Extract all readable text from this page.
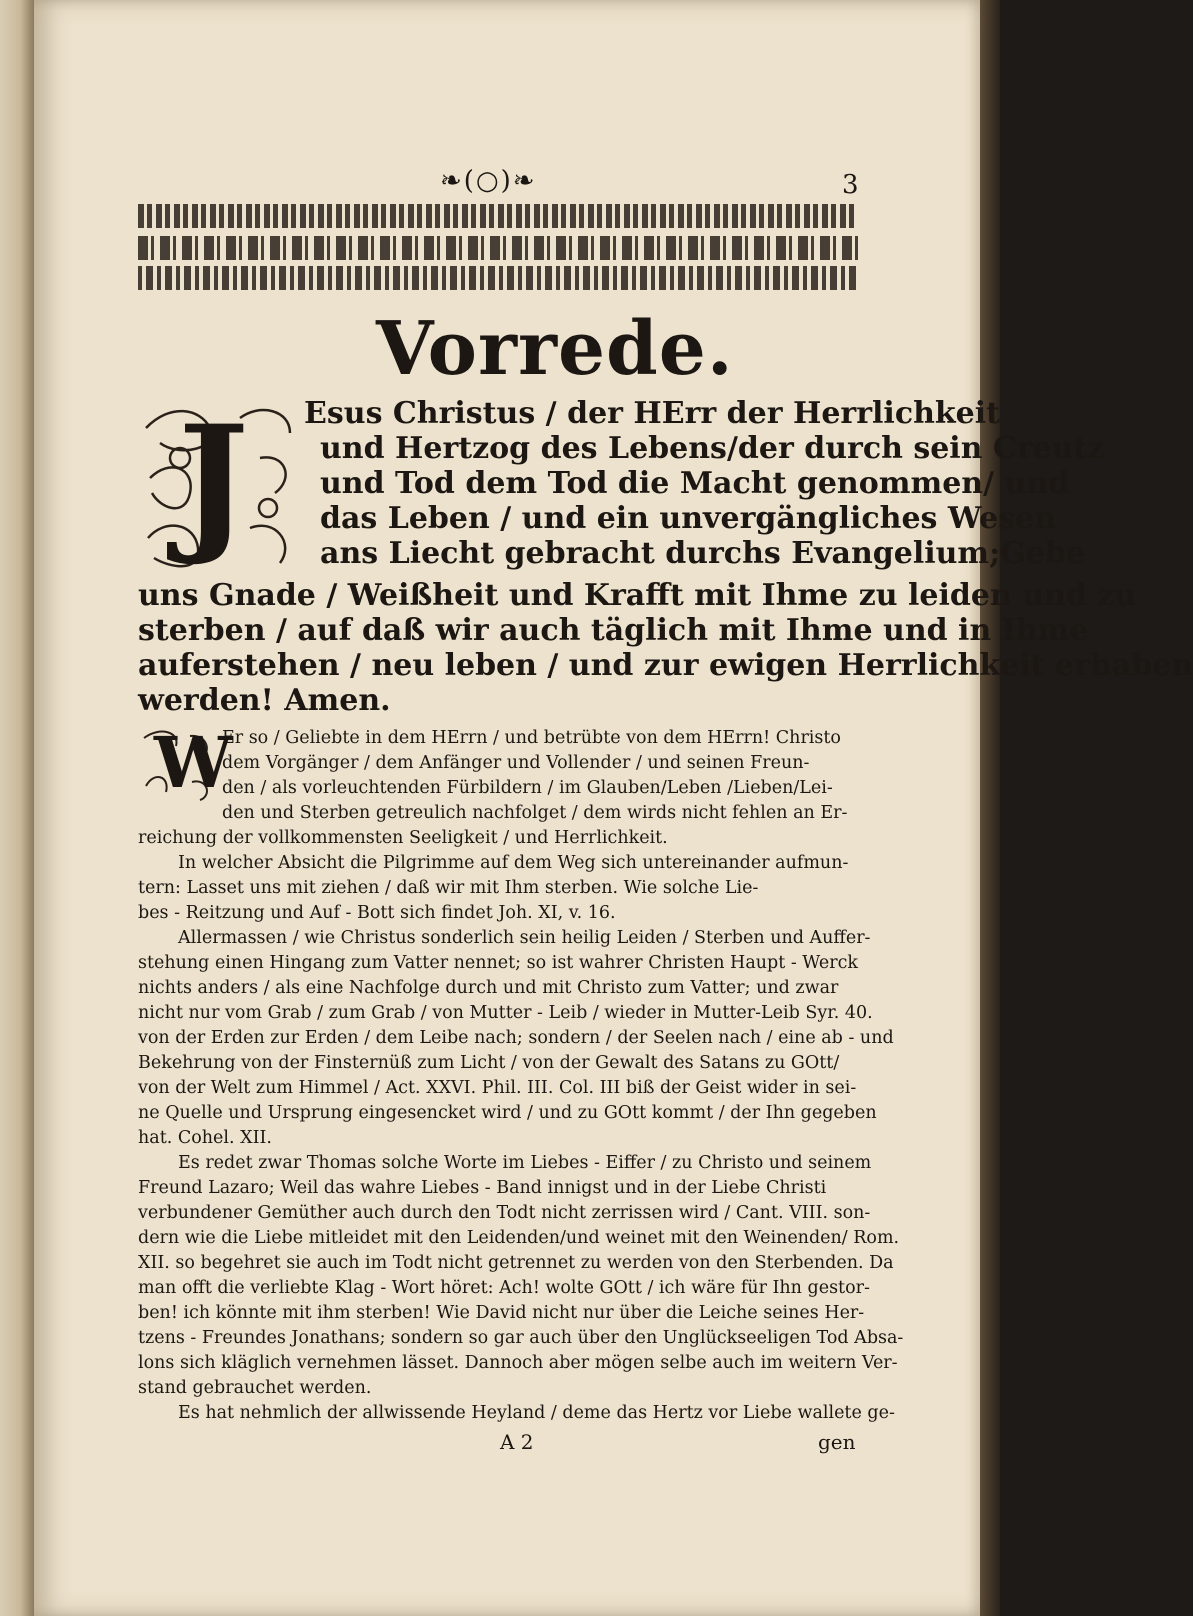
❧(○)❧	3
Vorrede.
J
W

Esus Christus / der HErr der Herrlichkeit

und Hertzog des Lebens/der durch sein Creutz

und Tod dem Tod die Macht genommen/ und

das Leben / und ein unvergängliches Wesen

ans Liecht gebracht durchs Evangelium;Gebe

uns Gnade / Weißheit und Krafft mit Ihme zu leiden und zu

sterben / auf daß wir auch täglich mit Ihme und in Ihme

auferstehen / neu leben / und zur ewigen Herrlichkeit erhaben

werden! Amen.

Er so / Geliebte in dem HErrn / und betrübte von dem HErrn! Christo

dem Vorgänger / dem Anfänger und Vollender / und seinen Freun-

den / als vorleuchtenden Fürbildern / im Glauben/Leben /Lieben/Lei-

den und Sterben getreulich nachfolget / dem wirds nicht fehlen an Er-

reichung der vollkommensten Seeligkeit / und Herrlichkeit.

In welcher Absicht die Pilgrimme auf dem Weg sich untereinander aufmun-

tern: Lasset uns mit ziehen / daß wir mit Ihm sterben. Wie solche Lie-

bes - Reitzung und Auf - Bott sich findet Joh. XI, v. 16.

Allermassen / wie Christus sonderlich sein heilig Leiden / Sterben und Auffer-

stehung einen Hingang zum Vatter nennet; so ist wahrer Christen Haupt - Werck

nichts anders / als eine Nachfolge durch und mit Christo zum Vatter; und zwar

nicht nur vom Grab / zum Grab / von Mutter - Leib / wieder in Mutter-Leib Syr. 40.

von der Erden zur Erden / dem Leibe nach; sondern / der Seelen nach / eine ab - und

Bekehrung von der Finsternüß zum Licht / von der Gewalt des Satans zu GOtt/

von der Welt zum Himmel / Act. XXVI. Phil. III. Col. III biß der Geist wider in sei-

ne Quelle und Ursprung eingesencket wird / und zu GOtt kommt / der Ihn gegeben

hat. Cohel. XII.

Es redet zwar Thomas solche Worte im Liebes - Eiffer / zu Christo und seinem

Freund Lazaro; Weil das wahre Liebes - Band innigst und in der Liebe Christi

verbundener Gemüther auch durch den Todt nicht zerrissen wird / Cant. VIII. son-

dern wie die Liebe mitleidet mit den Leidenden/und weinet mit den Weinenden/ Rom.

XII. so begehret sie auch im Todt nicht getrennet zu werden von den Sterbenden. Da

man offt die verliebte Klag - Wort höret: Ach! wolte GOtt / ich wäre für Ihn gestor-

ben! ich könnte mit ihm sterben! Wie David nicht nur über die Leiche seines Her-

tzens - Freundes Jonathans; sondern so gar auch über den Unglückseeligen Tod Absa-

lons sich kläglich vernehmen lässet. Dannoch aber mögen selbe auch im weitern Ver-

stand gebrauchet werden.

Es hat nehmlich der allwissende Heyland / deme das Hertz vor Liebe wallete ge-

A 2	gen
